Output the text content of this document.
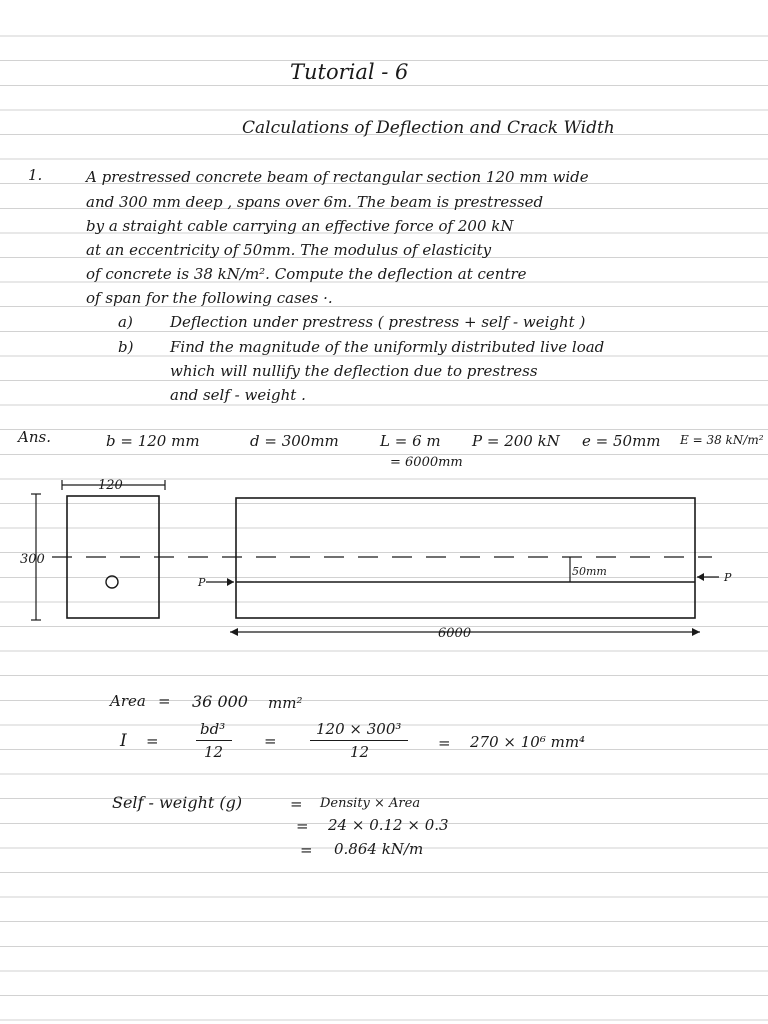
Tutorial - 6
Calculations of Deflection and Crack Width
1.	A prestressed concrete beam of rectangular section 120 mm wide
and 300 mm deep , spans over 6m. The beam is prestressed
by a straight cable carrying an effective force of 200 kN
at an eccentricity of 50mm. The modulus of elasticity
of concrete is 38 kN/m². Compute the deflection at centre
of span for the following cases ·.
a) Deflection under prestress ( prestress + self - weight )
b) Find the magnitude of the uniformly distributed live load
which will nullify the deflection due to prestress
and self - weight .
Ans.	b = 120 mm	d = 300mm	L = 6 m P = 200 kN e = 50mm E = 38 kN/m²
= 6000mm
120
300
50mm
P	P
6000
Area = 36 000 mm²
I =
bd³
12
=
120 × 300³
12	= 270 × 10⁶ mm⁴
Self - weight (g)	= Density × Area
= 24 × 0.12 × 0.3
= 0.864 kN/m
